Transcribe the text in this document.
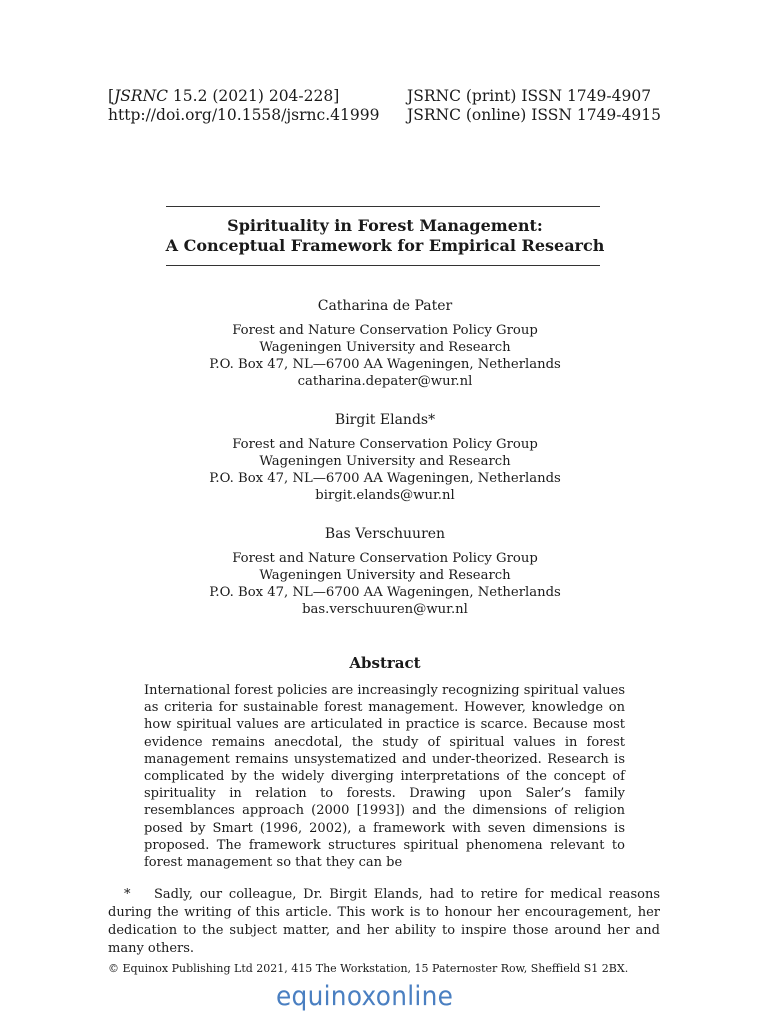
[JSRNC 15.2 (2021) 204-228]
http://doi.org/10.1558/jsrnc.41999
JSRNC (print) ISSN 1749-4907
JSRNC (online) ISSN 1749-4915
Spirituality in Forest Management:
A Conceptual Framework for Empirical Research
Catharina de Pater
Forest and Nature Conservation Policy Group
Wageningen University and Research
P.O. Box 47, NL—6700 AA Wageningen, Netherlands
catharina.depater@wur.nl
Birgit Elands*
Forest and Nature Conservation Policy Group
Wageningen University and Research
P.O. Box 47, NL—6700 AA Wageningen, Netherlands
birgit.elands@wur.nl
Bas Verschuuren
Forest and Nature Conservation Policy Group
Wageningen University and Research
P.O. Box 47, NL—6700 AA Wageningen, Netherlands
bas.verschuuren@wur.nl
Abstract
International forest policies are increasingly recognizing spiritual values as criteria for sustainable forest management. However, knowledge on how spiritual values are articulated in practice is scarce. Because most evidence remains anecdotal, the study of spiritual values in forest management remains unsystematized and under-theorized. Research is complicated by the widely diverging interpretations of the concept of spirituality in relation to forests. Drawing upon Saler’s family resemblances approach (2000 [1993]) and the dimensions of religion posed by Smart (1996, 2002), a framework with seven dimensions is proposed. The framework structures spiritual phenomena relevant to forest management so that they can be
* Sadly, our colleague, Dr. Birgit Elands, had to retire for medical reasons during the writing of this article. This work is to honour her encouragement, her dedication to the subject matter, and her ability to inspire those around her and many others.
© Equinox Publishing Ltd 2021, 415 The Workstation, 15 Paternoster Row, Sheffield S1 2BX.
equinoxonline
